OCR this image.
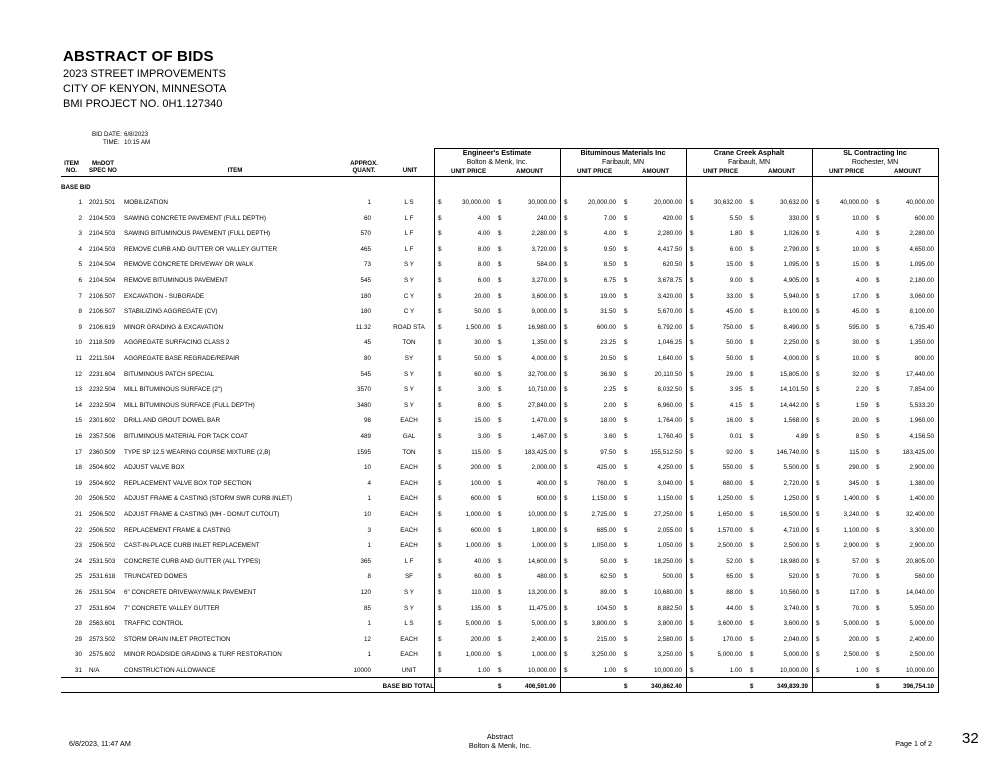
ABSTRACT OF BIDS
2023 STREET IMPROVEMENTS
CITY OF KENYON, MINNESOTA
BMI PROJECT NO. 0H1.127340
BID DATE: 6/8/2023
TIME: 10:15 AM
ITEM
NO.
MnDOT
SPEC NO	ITEM
APPROX.
QUANT.	UNIT
Engineer's Estimate
Bolton & Menk, Inc.
UNIT PRICE	AMOUNT
Bituminous Materials Inc
Faribault, MN
UNIT PRICE	AMOUNT
Crane Creek Asphalt
Faribault, MN
UNIT PRICE	AMOUNT
SL Contracting Inc
Rochester, MN
UNIT PRICE	AMOUNT
BASE BID
1 2021.501	MOBILIZATION	1	L S	$	30,000.00 $	30,000.00 $	20,000.00 $	20,000.00 $	30,632.00 $	30,632.00 $	40,000.00 $	40,000.00
2 2104.503	SAWING CONCRETE PAVEMENT (FULL DEPTH)	60	L F	$	4.00 $	240.00 $	7.00 $	420.00 $	5.50 $	330.00 $	10.00 $	600.00
3 2104.503	SAWING BITUMINOUS PAVEMENT (FULL DEPTH)	570	L F	$	4.00 $	2,280.00 $	4.00 $	2,280.00 $	1.80 $	1,026.00 $	4.00 $	2,280.00
4 2104.503	REMOVE CURB AND GUTTER OR VALLEY GUTTER	465	L F	$	8.00 $	3,720.00 $	9.50 $	4,417.50 $	6.00 $	2,790.00 $	10.00 $	4,650.00
5 2104.504	REMOVE CONCRETE DRIVEWAY OR WALK	73	S Y	$	8.00 $	584.00 $	8.50 $	620.50 $	15.00 $	1,095.00 $	15.00 $	1,095.00
6 2104.504	REMOVE BITUMINOUS PAVEMENT	545	S Y	$	6.00 $	3,270.00 $	6.75 $	3,678.75 $	9.00 $	4,905.00 $	4.00 $	2,180.00
7 2106.507	EXCAVATION - SUBGRADE	180	C Y	$	20.00 $	3,600.00 $	19.00 $	3,420.00 $	33.00 $	5,940.00 $	17.00 $	3,060.00
8 2106.507	STABILIZING AGGREGATE (CV)	180	C Y	$	50.00 $	9,000.00 $	31.50 $	5,670.00 $	45.00 $	8,100.00 $	45.00 $	8,100.00
9 2106.619	MINOR GRADING & EXCAVATION	11.32	ROAD STA	$	1,500.00 $	16,980.00 $	600.00 $	6,792.00 $	750.00 $	8,490.00 $	595.00 $	6,735.40
10 2118.509	AGGREGATE SURFACING CLASS 2	45	TON	$	30.00 $	1,350.00 $	23.25 $	1,046.25 $	50.00 $	2,250.00 $	30.00 $	1,350.00
11 2211.504	AGGREGATE BASE REGRADE/REPAIR	80	SY	$	50.00 $	4,000.00 $	20.50 $	1,640.00 $	50.00 $	4,000.00 $	10.00 $	800.00
12 2231.604	BITUMINOUS PATCH SPECIAL	545	S Y	$	60.00 $	32,700.00 $	36.90 $	20,110.50 $	29.00 $	15,805.00 $	32.00 $	17,440.00
13 2232.504	MILL BITUMINOUS SURFACE (2")	3570	S Y	$	3.00 $	10,710.00 $	2.25 $	8,032.50 $	3.95 $	14,101.50 $	2.20 $	7,854.00
14 2232.504	MILL BITUMINOUS SURFACE (FULL DEPTH)	3480	S Y	$	8.00 $	27,840.00 $	2.00 $	6,960.00 $	4.15 $	14,442.00 $	1.59 $	5,533.20
15 2301.602	DRILL AND GROUT DOWEL BAR	98	EACH	$	15.00 $	1,470.00 $	18.00 $	1,764.00 $	16.00 $	1,568.00 $	20.00 $	1,960.00
16 2357.506	BITUMINOUS MATERIAL FOR TACK COAT	489	GAL	$	3.00 $	1,467.00 $	3.60 $	1,760.40 $	0.01 $	4.89 $	8.50 $	4,156.50
17 2360.509	TYPE SP 12.5 WEARING COURSE MIXTURE (2,B)	1595	TON	$	115.00 $	183,425.00 $	97.50 $	155,512.50 $	92.00 $	146,740.00 $	115.00 $	183,425.00
18 2504.602	ADJUST VALVE BOX	10	EACH	$	200.00 $	2,000.00 $	425.00 $	4,250.00 $	550.00 $	5,500.00 $	290.00 $	2,900.00
19 2504.602	REPLACEMENT VALVE BOX TOP SECTION	4	EACH	$	100.00 $	400.00 $	760.00 $	3,040.00 $	680.00 $	2,720.00 $	345.00 $	1,380.00
20 2506.502	ADJUST FRAME & CASTING (STORM SWR CURB INLET)	1	EACH	$	600.00 $	600.00 $	1,150.00 $	1,150.00 $	1,250.00 $	1,250.00 $	1,400.00 $	1,400.00
21 2506.502	ADJUST FRAME & CASTING (MH - DONUT CUTOUT)	10	EACH	$	1,000.00 $	10,000.00 $	2,725.00 $	27,250.00 $	1,650.00 $	16,500.00 $	3,240.00 $	32,400.00
22 2506.502	REPLACEMENT FRAME & CASTING	3	EACH	$	600.00 $	1,800.00 $	685.00 $	2,055.00 $	1,570.00 $	4,710.00 $	1,100.00 $	3,300.00
23 2506.502	CAST-IN-PLACE CURB INLET REPLACEMENT	1	EACH	$	1,000.00 $	1,000.00 $	1,050.00 $	1,050.00 $	2,500.00 $	2,500.00 $	2,900.00 $	2,900.00
24 2531.503	CONCRETE CURB AND GUTTER (ALL TYPES)	365	L F	$	40.00 $	14,600.00 $	50.00 $	18,250.00 $	52.00 $	18,980.00 $	57.00 $	20,805.00
25 2531.618	TRUNCATED DOMES	8	SF	$	60.00 $	480.00 $	62.50 $	500.00 $	65.00 $	520.00 $	70.00 $	560.00
26 2531.504	6" CONCRETE DRIVEWAY/WALK PAVEMENT	120	S Y	$	110.00 $	13,200.00 $	89.00 $	10,680.00 $	88.00 $	10,560.00 $	117.00 $	14,040.00
27 2531.604	7" CONCRETE VALLEY GUTTER	85	S Y	$	135.00 $	11,475.00 $	104.50 $	8,882.50 $	44.00 $	3,740.00 $	70.00 $	5,950.00
28 2563.601	TRAFFIC CONTROL	1	L S	$	5,000.00 $	5,000.00 $	3,800.00 $	3,800.00 $	3,600.00 $	3,600.00 $	5,000.00 $	5,000.00
29 2573.502	STORM DRAIN INLET PROTECTION	12	EACH	$	200.00 $	2,400.00 $	215.00 $	2,580.00 $	170.00 $	2,040.00 $	200.00 $	2,400.00
30 2575.602	MINOR ROADSIDE GRADING & TURF RESTORATION	1	EACH	$	1,000.00 $	1,000.00 $	3,250.00 $	3,250.00 $	5,000.00 $	5,000.00 $	2,500.00 $	2,500.00
31 N/A	CONSTRUCTION ALLOWANCE	10000	UNIT	$	1.00 $	10,000.00 $	1.00 $	10,000.00 $	1.00 $	10,000.00 $	1.00 $	10,000.00
BASE BID TOTAL	$	406,591.00	$	340,862.40	$	349,839.39	$	396,754.10
6/8/2023, 11:47 AM
Abstract
Bolton & Menk, Inc.	Page 1 of 2 32
